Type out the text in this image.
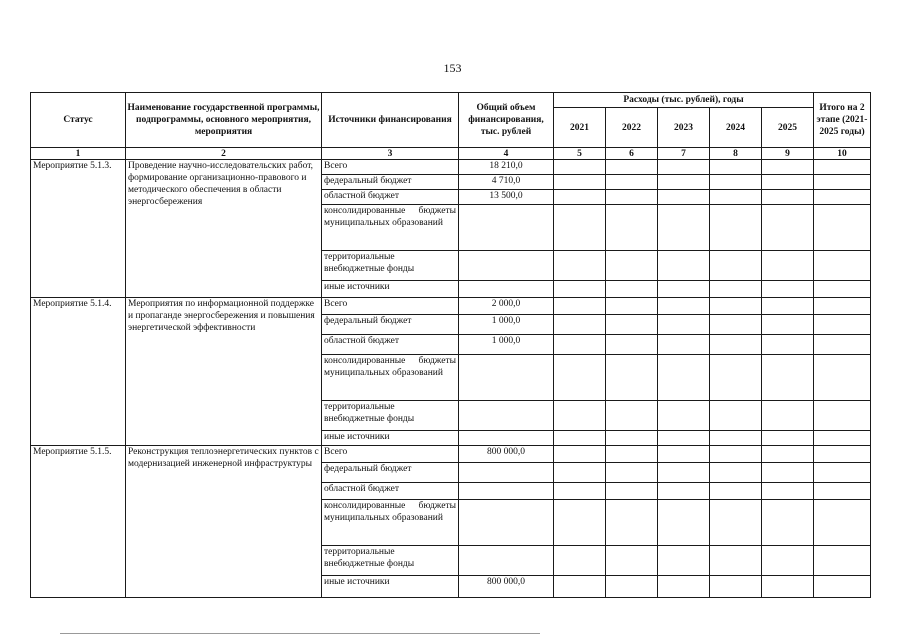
153
Статус	Наименование государственной программы, подпрограммы, основного мероприятия, мероприятия	Источники финансирования	Общий объем финансирования, тыс. рублей	Расходы (тыс. рублей), годы					Итого на 2 этапе (2021-2025 годы)
				2021	2022	2023	2024	2025	
1	2	3	4	5	6	7	8	9	10
Мероприятие 5.1.3.	Проведение научно-исследовательских работ, формирование организационно-правового и методического обеспечения в области энергосбережения	Всего	18 210,0						
		федеральный бюджет	4 710,0						
		областной бюджет	13 500,0						
		консолидированные бюджеты муниципальных образований							
		территориальные внебюджетные фонды							
		иные источники							
Мероприятие 5.1.4.	Мероприятия по информационной поддержке и пропаганде энергосбережения и повышения энергетической эффективности	Всего	2 000,0						
		федеральный бюджет	1 000,0						
		областной бюджет	1 000,0						
		консолидированные бюджеты муниципальных образований							
		территориальные внебюджетные фонды							
		иные источники							
Мероприятие 5.1.5.	Реконструкция теплоэнергетических пунктов с модернизацией инженерной инфраструктуры	Всего	800 000,0						
		федеральный бюджет							
		областной бюджет							
		консолидированные бюджеты муниципальных образований							
		территориальные внебюджетные фонды							
		иные источники	800 000,0						
